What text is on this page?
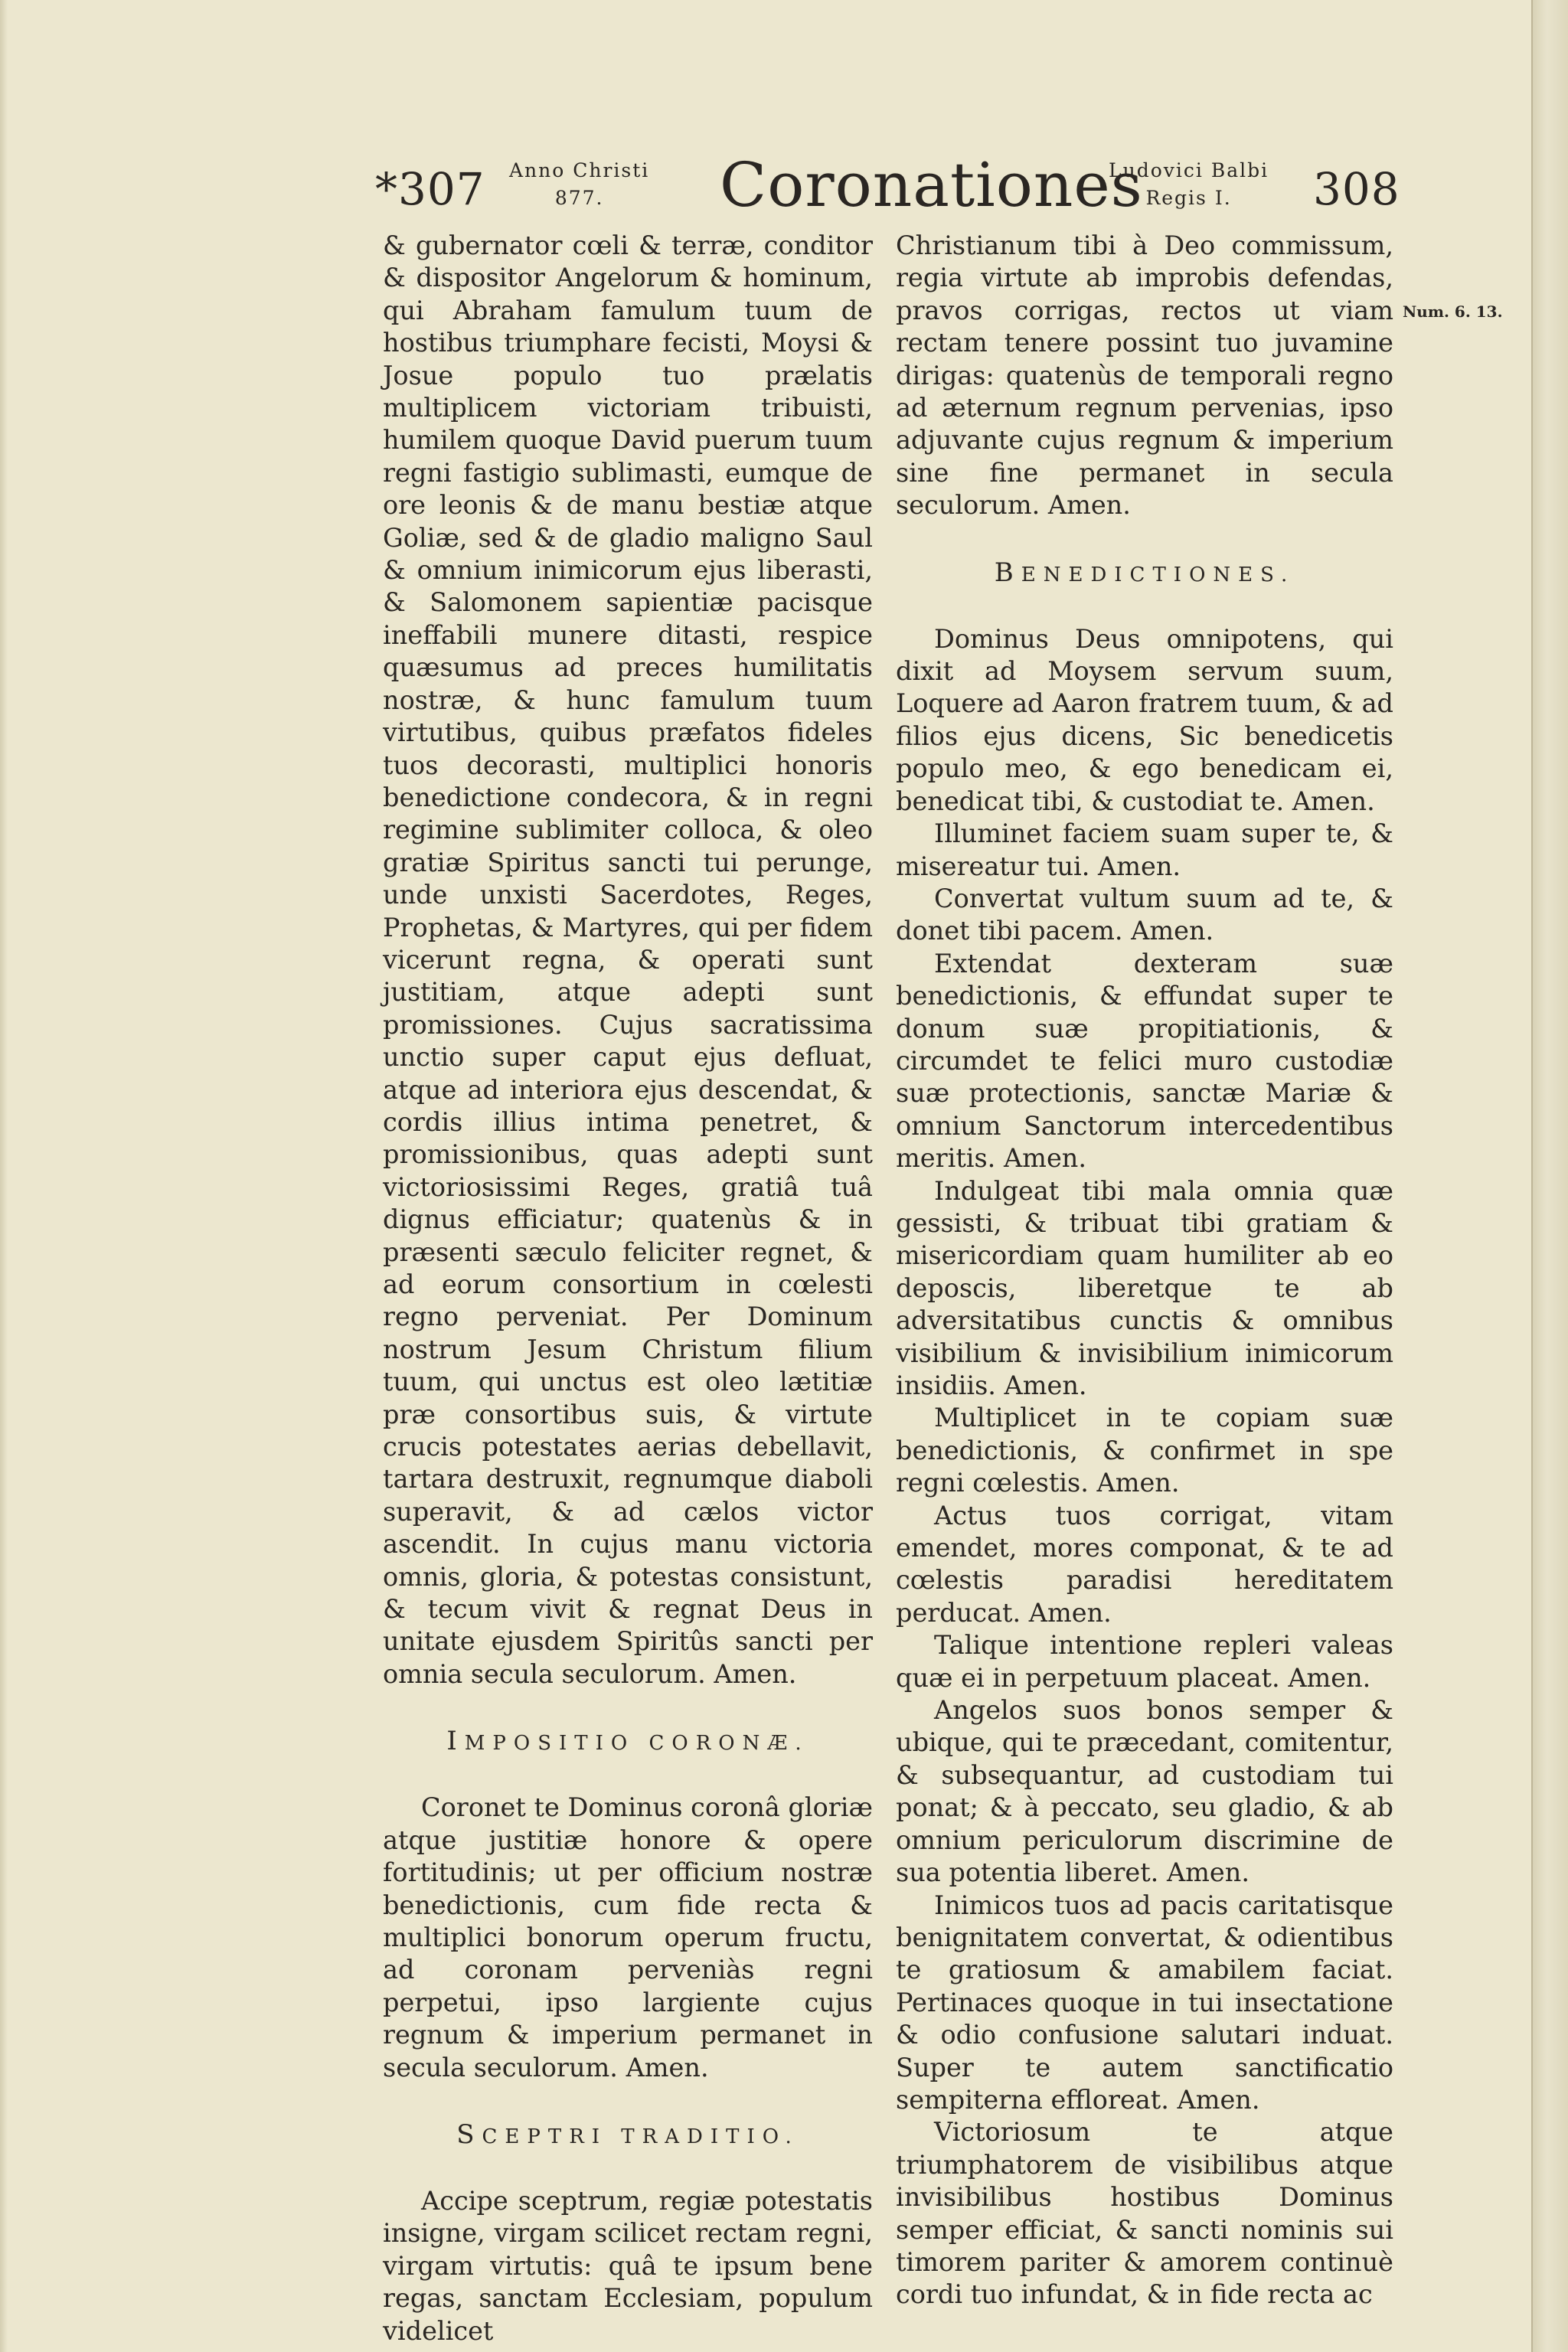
*307 Anno Christi
877.	Coronationes
Ludovici Balbi
Regis I.	308
Num. 6. 13.

& gubernator cœli & terræ, conditor & dispositor Angelorum & hominum, qui Abraham famulum tuum de hostibus triumphare fecisti, Moysi & Josue populo tuo prælatis multiplicem victoriam tribuisti, humilem quoque David puerum tuum regni fastigio sublimasti, eumque de ore leonis & de manu bestiæ atque Goliæ, sed & de gladio maligno Saul & omnium inimicorum ejus liberasti, & Salomonem sapientiæ pacisque ineffabili munere ditasti, respice quæsumus ad preces humilitatis nostræ, & hunc famulum tuum virtutibus, quibus præfatos fideles tuos decorasti, multiplici honoris benedictione condecora, & in regni regimine sublimiter colloca, & oleo gratiæ Spiritus sancti tui perunge, unde unxisti Sacerdotes, Reges, Prophetas, & Martyres, qui per fidem vicerunt regna, & operati sunt justitiam, atque adepti sunt promissiones. Cujus sacratissima unctio super caput ejus defluat, atque ad interiora ejus descendat, & cordis illius intima penetret, & promissionibus, quas adepti sunt victoriosissimi Reges, gratiâ tuâ dignus efficiatur; quatenùs & in præsenti sæculo feliciter regnet, & ad eorum consortium in cœlesti regno perveniat. Per Dominum nostrum Jesum Christum filium tuum, qui unctus est oleo lætitiæ præ consortibus suis, & virtute crucis potestates aerias debellavit, tartara destruxit, regnumque diaboli superavit, & ad cælos victor ascendit. In cujus manu victoria omnis, gloria, & potestas consistunt, & tecum vivit & regnat Deus in unitate ejusdem Spiritûs sancti per omnia secula seculorum. Amen.

IMPOSITIO CORONÆ.

Coronet te Dominus coronâ gloriæ atque justitiæ honore & opere fortitudinis; ut per officium nostræ benedictionis, cum fide recta & multiplici bonorum operum fructu, ad coronam perveniàs regni perpetui, ipso largiente cujus regnum & imperium permanet in secula seculorum. Amen.

SCEPTRI TRADITIO.

Accipe sceptrum, regiæ potestatis insigne, virgam scilicet rectam regni, virgam virtutis: quâ te ipsum bene regas, sanctam Ecclesiam, populum videlicet

Christianum tibi à Deo commissum, regia virtute ab improbis defendas, pravos corrigas, rectos ut viam rectam tenere possint tuo juvamine dirigas: quatenùs de temporali regno ad æternum regnum pervenias, ipso adjuvante cujus regnum & imperium sine fine permanet in secula seculorum. Amen.

BENEDICTIONES.

Dominus Deus omnipotens, qui dixit ad Moysem servum suum, Loquere ad Aaron fratrem tuum, & ad filios ejus dicens, Sic benedicetis populo meo, & ego benedicam ei, benedicat tibi, & custodiat te. Amen.

Illuminet faciem suam super te, & misereatur tui. Amen.

Convertat vultum suum ad te, & donet tibi pacem. Amen.

Extendat dexteram suæ benedictionis, & effundat super te donum suæ propitiationis, & circumdet te felici muro custodiæ suæ protectionis, sanctæ Mariæ & omnium Sanctorum intercedentibus meritis. Amen.

Indulgeat tibi mala omnia quæ gessisti, & tribuat tibi gratiam & misericordiam quam humiliter ab eo deposcis, liberetque te ab adversitatibus cunctis & omnibus visibilium & invisibilium inimicorum insidiis. Amen.

Multiplicet in te copiam suæ benedictionis, & confirmet in spe regni cœlestis. Amen.

Actus tuos corrigat, vitam emendet, mores componat, & te ad cœlestis paradisi hereditatem perducat. Amen.

Talique intentione repleri valeas quæ ei in perpetuum placeat. Amen.

Angelos suos bonos semper & ubique, qui te præcedant, comitentur, & subsequantur, ad custodiam tui ponat; & à peccato, seu gladio, & ab omnium periculorum discrimine de sua potentia liberet. Amen.

Inimicos tuos ad pacis caritatisque benignitatem convertat, & odientibus te gratiosum & amabilem faciat. Pertinaces quoque in tui insectatione & odio confusione salutari induat. Super te autem sanctificatio sempiterna effloreat. Amen.

Victoriosum te atque triumphatorem de visibilibus atque invisibilibus hostibus Dominus semper efficiat, & sancti nominis sui timorem pariter & amorem continuè cordi tuo infundat, & in fide recta ac
